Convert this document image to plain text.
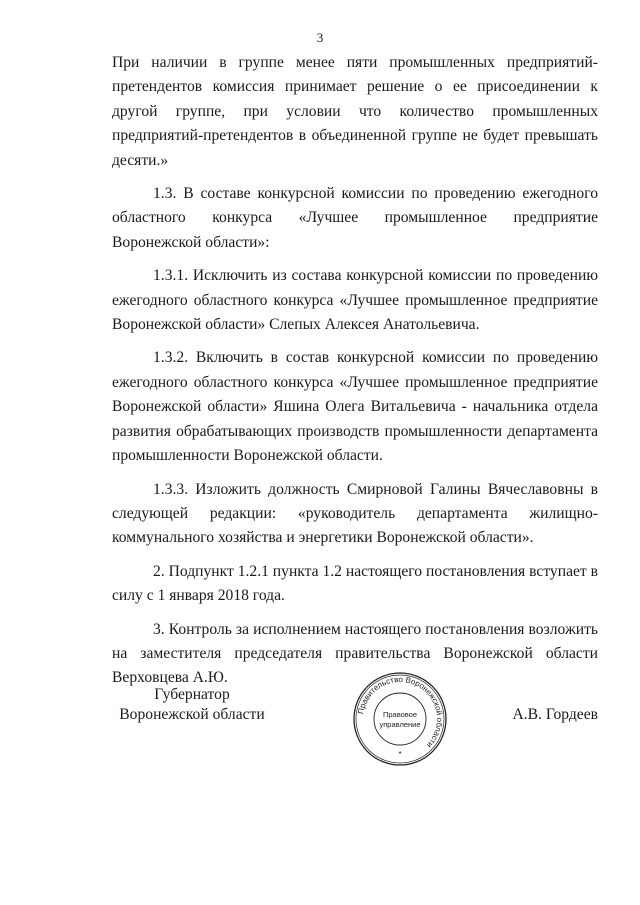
3

При наличии в группе менее пяти промышленных предприятий-претендентов комиссия принимает решение о ее присоединении к другой группе, при условии что количество промышленных предприятий-претендентов в объединенной группе не будет превышать десяти.»

1.3. В составе конкурсной комиссии по проведению ежегодного областного конкурса «Лучшее промышленное предприятие Воронежской области»:

1.3.1. Исключить из состава конкурсной комиссии по проведению ежегодного областного конкурса «Лучшее промышленное предприятие Воронежской области» Слепых Алексея Анатольевича.

1.3.2. Включить в состав конкурсной комиссии по проведению ежегодного областного конкурса «Лучшее промышленное предприятие Воронежской области» Яшина Олега Витальевича - начальника отдела развития обрабатывающих производств промышленности департамента промышленности Воронежской области.

1.3.3. Изложить должность Смирновой Галины Вячеславовны в следующей редакции: «руководитель департамента жилищно-коммунального хозяйства и энергетики Воронежской области».

2. Подпункт 1.2.1 пункта 1.2 настоящего постановления вступает в силу с 1 января 2018 года.

3. Контроль за исполнением настоящего постановления возложить на заместителя председателя правительства Воронежской области Верховцева А.Ю.

Губернатор
Воронежской области	Правительство Воронежской области
Правовое
управление
*
А.В. Гордеев
